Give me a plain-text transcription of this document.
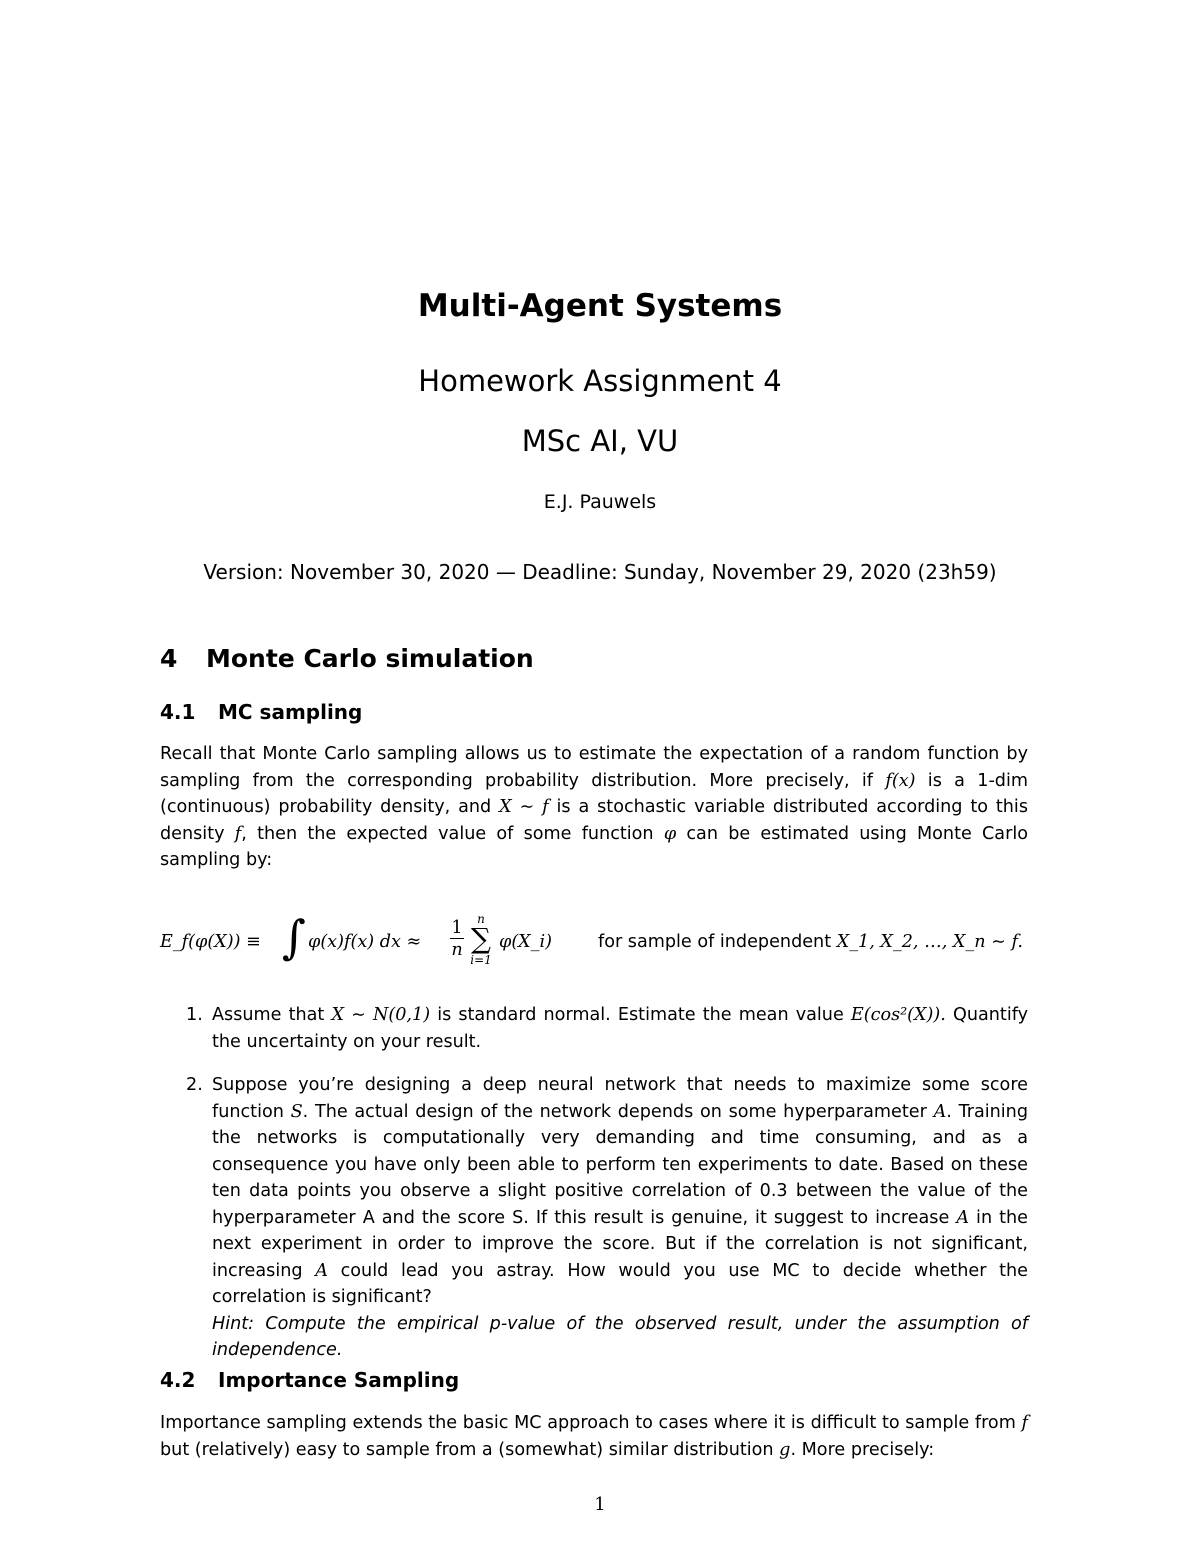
Multi-Agent Systems
Homework Assignment 4
MSc AI, VU
E.J. Pauwels
Version: November 30, 2020 — Deadline: Sunday, November 29, 2020 (23h59)
4 Monte Carlo simulation
4.1 MC sampling
Recall that Monte Carlo sampling allows us to estimate the expectation of a random function by sampling from the corresponding probability distribution. More precisely, if f(x) is a 1-dim (continuous) probability density, and X ∼ f is a stochastic variable distributed according to this density f, then the expected value of some function φ can be estimated using Monte Carlo sampling by:
E_f(φ(X)) ≡ ∫ φ(x)f(x) dx ≈
1
n
n
∑
i=1
φ(X_i)	for sample of independent X_1, X_2, …, X_n ∼ f.
1. Assume that X ∼ N(0,1) is standard normal. Estimate the mean value E(cos²(X)). Quantify the uncertainty on your result.
2. Suppose you’re designing a deep neural network that needs to maximize some score function S. The actual design of the network depends on some hyperparameter A. Training the networks is computationally very demanding and time consuming, and as a consequence you have only been able to perform ten experiments to date. Based on these ten data points you observe a slight positive correlation of 0.3 between the value of the hyperparameter A and the score S. If this result is genuine, it suggest to increase A in the next experiment in order to improve the score. But if the correlation is not significant, increasing A could lead you astray. How would you use MC to decide whether the correlation is significant?
Hint: Compute the empirical p-value of the observed result, under the assumption of independence.
4.2 Importance Sampling
Importance sampling extends the basic MC approach to cases where it is difficult to sample from f but (relatively) easy to sample from a (somewhat) similar distribution g. More precisely:
1
